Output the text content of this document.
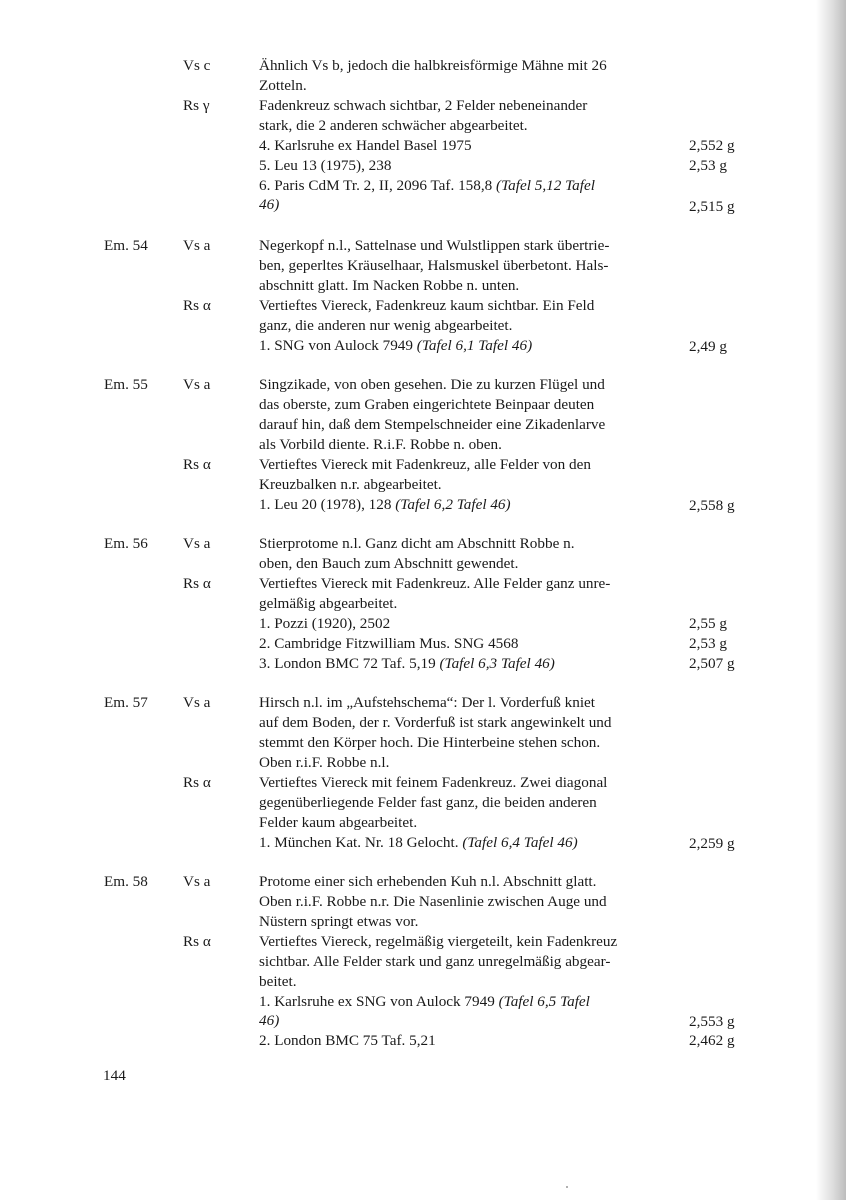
Vs c	Ähnlich Vs b, jedoch die halbkreisförmige Mähne mit 26
Zotteln.
Rs γ	Fadenkreuz schwach sichtbar, 2 Felder nebeneinander
stark, die 2 anderen schwächer abgearbeitet.
4. Karlsruhe ex Handel Basel 1975	2,552 g
5. Leu 13 (1975), 238	2,53 g
6. Paris CdM Tr. 2, II, 2096 Taf. 158,8 (Tafel 5,12 Tafel
46)	2,515 g
Em. 54 Vs a	Negerkopf n.l., Sattelnase und Wulstlippen stark übertrie-
ben, geperltes Kräuselhaar, Halsmuskel überbetont. Hals-
abschnitt glatt. Im Nacken Robbe n. unten.
Rs α	Vertieftes Viereck, Fadenkreuz kaum sichtbar. Ein Feld
ganz, die anderen nur wenig abgearbeitet.
1. SNG von Aulock 7949 (Tafel 6,1 Tafel 46)	2,49 g
Em. 55 Vs a	Singzikade, von oben gesehen. Die zu kurzen Flügel und
das oberste, zum Graben eingerichtete Beinpaar deuten
darauf hin, daß dem Stempelschneider eine Zikadenlarve
als Vorbild diente. R.i.F. Robbe n. oben.
Rs α	Vertieftes Viereck mit Fadenkreuz, alle Felder von den
Kreuzbalken n.r. abgearbeitet.
1. Leu 20 (1978), 128 (Tafel 6,2 Tafel 46)	2,558 g
Em. 56 Vs a	Stierprotome n.l. Ganz dicht am Abschnitt Robbe n.
oben, den Bauch zum Abschnitt gewendet.
Rs α	Vertieftes Viereck mit Fadenkreuz. Alle Felder ganz unre-
gelmäßig abgearbeitet.
1. Pozzi (1920), 2502	2,55 g
2. Cambridge Fitzwilliam Mus. SNG 4568	2,53 g
3. London BMC 72 Taf. 5,19 (Tafel 6,3 Tafel 46)	2,507 g
Em. 57 Vs a	Hirsch n.l. im „Aufstehschema“: Der l. Vorderfuß kniet
auf dem Boden, der r. Vorderfuß ist stark angewinkelt und
stemmt den Körper hoch. Die Hinterbeine stehen schon.
Oben r.i.F. Robbe n.l.
Rs α	Vertieftes Viereck mit feinem Fadenkreuz. Zwei diagonal
gegenüberliegende Felder fast ganz, die beiden anderen
Felder kaum abgearbeitet.
1. München Kat. Nr. 18 Gelocht. (Tafel 6,4 Tafel 46)	2,259 g
Em. 58 Vs a	Protome einer sich erhebenden Kuh n.l. Abschnitt glatt.
Oben r.i.F. Robbe n.r. Die Nasenlinie zwischen Auge und
Nüstern springt etwas vor.
Rs α	Vertieftes Viereck, regelmäßig viergeteilt, kein Fadenkreuz
sichtbar. Alle Felder stark und ganz unregelmäßig abgear-
beitet.
1. Karlsruhe ex SNG von Aulock 7949 (Tafel 6,5 Tafel
46)	2,553 g
2. London BMC 75 Taf. 5,21	2,462 g
144
